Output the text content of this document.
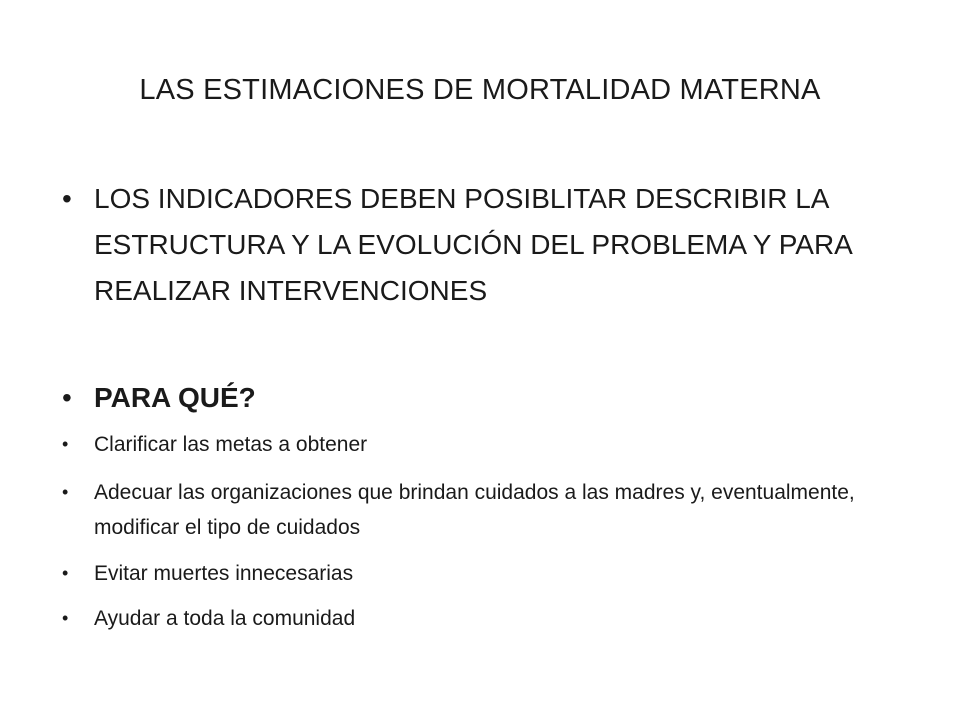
LAS ESTIMACIONES DE MORTALIDAD MATERNA
• LOS INDICADORES DEBEN POSIBLITAR DESCRIBIR LA ESTRUCTURA Y LA EVOLUCIÓN DEL PROBLEMA Y PARA REALIZAR INTERVENCIONES
• PARA QUÉ?
•	Clarificar las metas a obtener
•	Adecuar las organizaciones que brindan cuidados a las madres y, eventualmente, modificar el tipo de cuidados
•	Evitar muertes innecesarias
•	Ayudar a toda la comunidad
